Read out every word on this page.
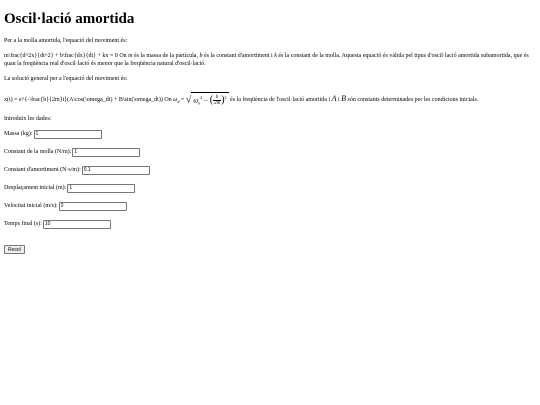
Oscil·lació amortida

Per a la molla amortida, l'equació del moviment és:

m\frac{d^2x}{dt^2} + b\frac{dx}{dt} + kx = 0 On m és la massa de la partícula, b és la constant d'amortiment i k és la constant de la molla. Aquesta equació és vàlida pel tipus d'oscil·lació amortida subamortida, que és quan la freqüència real d'oscil·lació és menor que la freqüència natural d'oscil·lació.

La solució general per a l'equació del moviment és:

x(t) = e^{-\frac{b}{2m}t}(A\cos(\omega_dt) + B\sin(\omega_dt)) On $\omega_d$ = √ $\omega_n^2$ − ( $\frac{b}{2m} )^2$ és la freqüència de l'oscil·lació amortida i A i B són constants determinades per les condicions inicials.

Introduïx les dades:

Massa (kg):
1
Constant de la molla (N/m):
1
Constant d'amortiment (N·s/m):
0.1
Desplaçament inicial (m):
1
Velocitat inicial (m/s):
0
Temps final (s):
10
Resol
